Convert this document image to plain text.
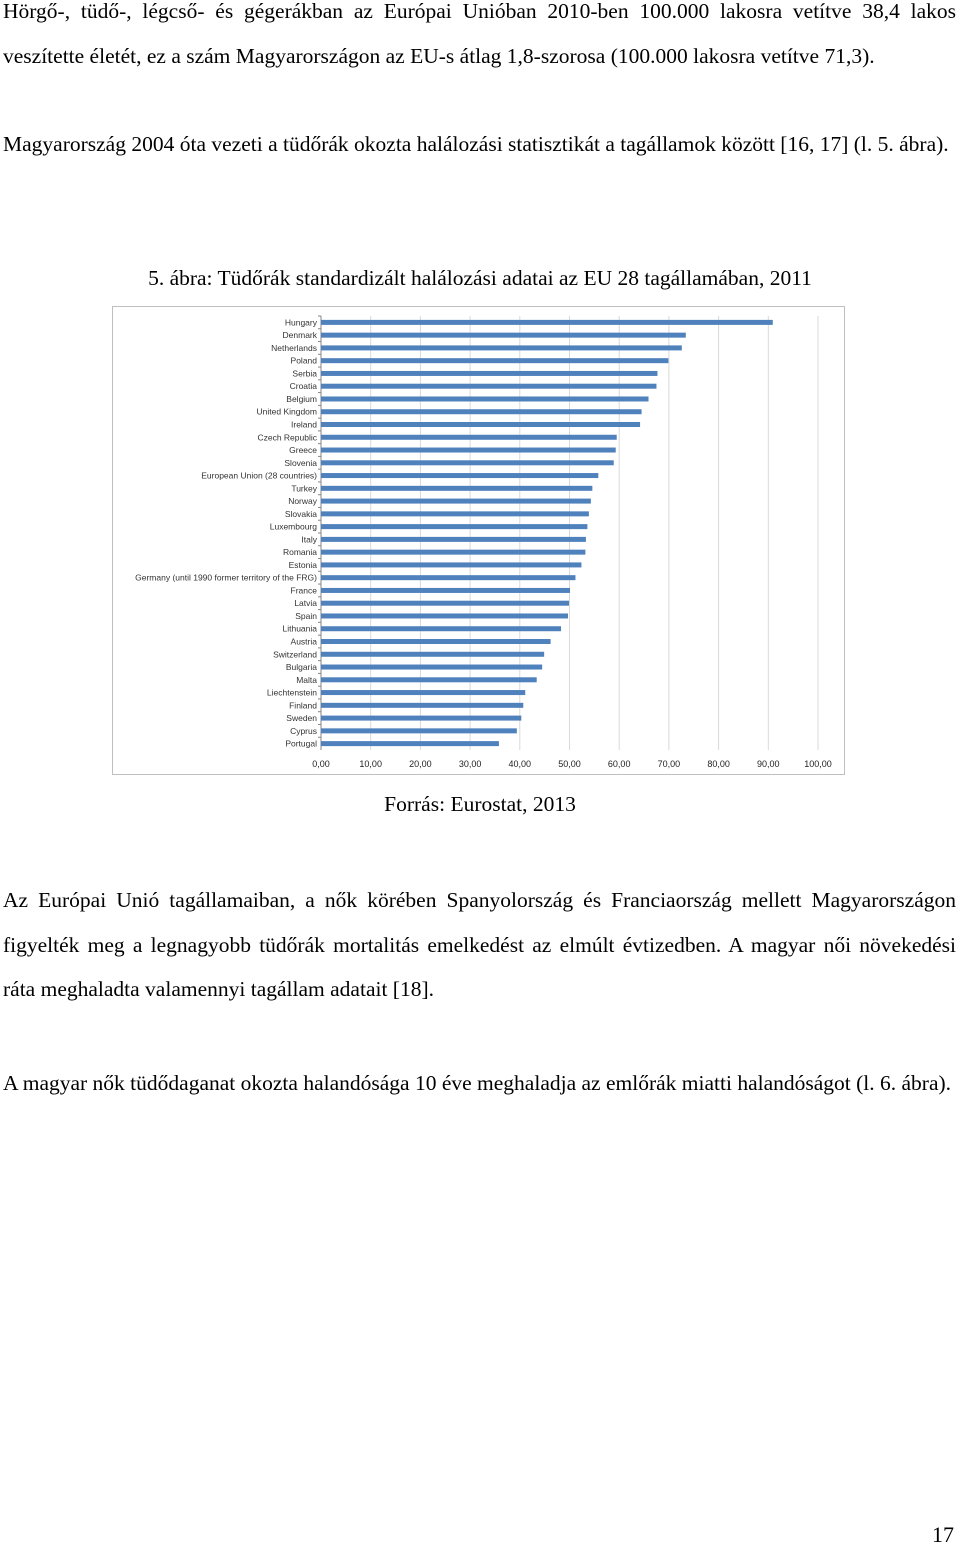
Hörgő-, tüdő-, légcső- és gégerákban az Európai Unióban 2010-ben 100.000 lakosra vetítve 38,4 lakos veszítette életét, ez a szám Magyarországon az EU-s átlag 1,8-szorosa (100.000 lakosra vetítve 71,3).

Magyarország 2004 óta vezeti a tüdőrák okozta halálozási statisztikát a tagállamok között [16, 17] (l. 5. ábra).

5. ábra: Tüdőrák standardizált halálozási adatai az EU 28 tagállamában, 2011

Hungary
Denmark
Netherlands
Poland
Serbia
Croatia
Belgium
United Kingdom
Ireland
Czech Republic
Greece
Slovenia
European Union (28 countries)
Turkey
Norway
Slovakia
Luxembourg
Italy
Romania
Estonia
Germany (until 1990 former territory of the FRG)
France
Latvia
Spain
Lithuania
Austria
Switzerland
Bulgaria
Malta
Liechtenstein
Finland
Sweden
Cyprus
Portugal
0,00	10,00	20,00	30,00	40,00	50,00	60,00	70,00	80,00	90,00	100,00

Forrás: Eurostat, 2013

Az Európai Unió tagállamaiban, a nők körében Spanyolország és Franciaország mellett Magyarországon figyelték meg a legnagyobb tüdőrák mortalitás emelkedést az elmúlt évtizedben. A magyar női növekedési ráta meghaladta valamennyi tagállam adatait [18].

A magyar nők tüdődaganat okozta halandósága 10 éve meghaladja az emlőrák miatti halandóságot (l. 6. ábra).

17
